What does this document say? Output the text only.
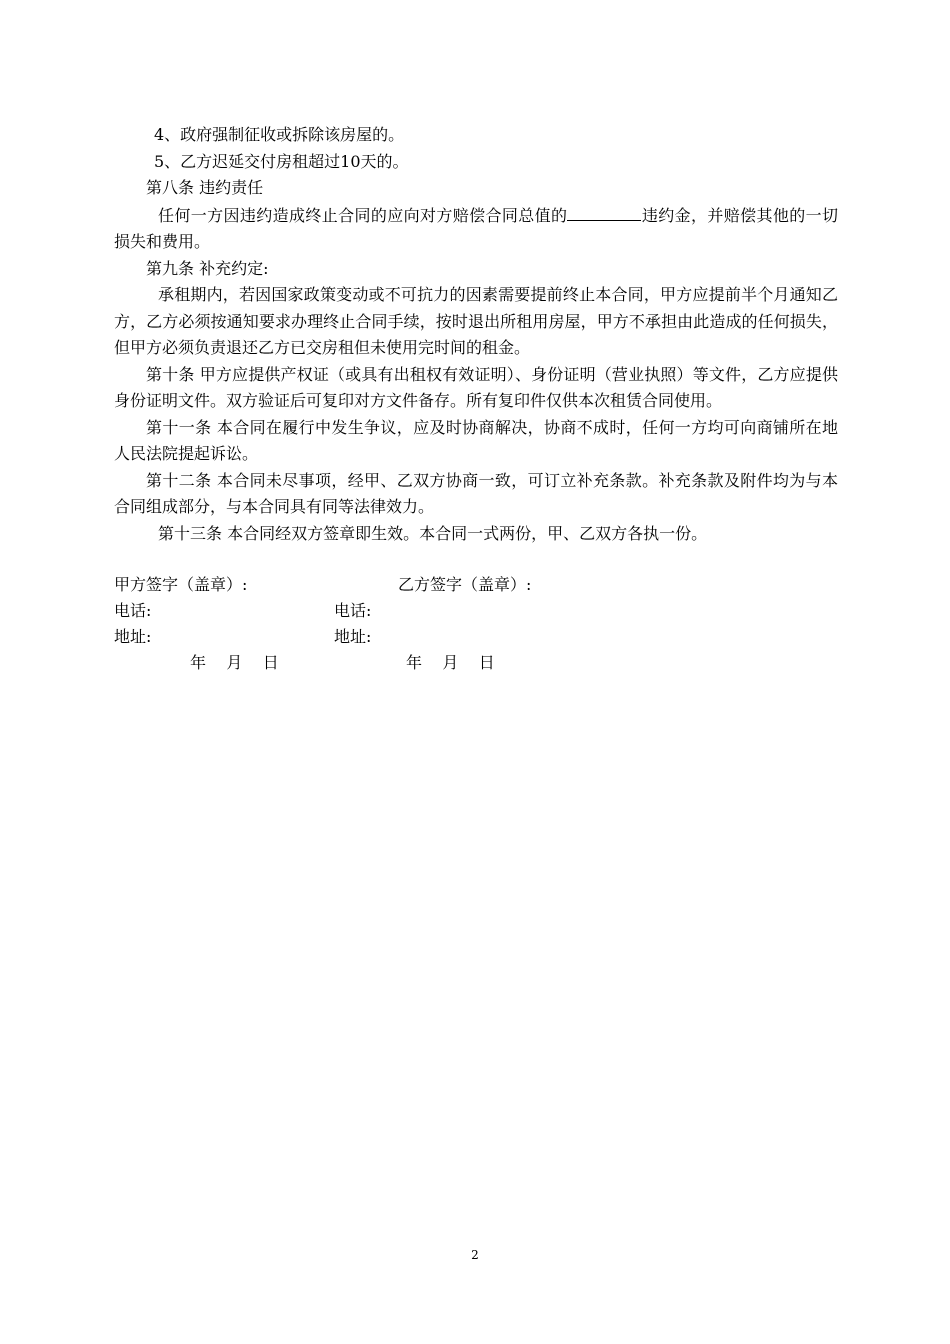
4、政府强制征收或拆除该房屋的。

5、乙方迟延交付房租超过10天的。

第八条 违约责任

任何一方因违约造成终止合同的应向对方赔偿合同总值的	违约金，并赔偿其他的一切损失和费用。

第九条 补充约定:

承租期内，若因国家政策变动或不可抗力的因素需要提前终止本合同，甲方应提前半个月通知乙方，乙方必须按通知要求办理终止合同手续，按时退出所租用房屋，甲方不承担由此造成的任何损失，但甲方必须负责退还乙方已交房租但未使用完时间的租金。

第十条 甲方应提供产权证（或具有出租权有效证明）、身份证明（营业执照）等文件，乙方应提供身份证明文件。双方验证后可复印对方文件备存。所有复印件仅供本次租赁合同使用。

第十一条 本合同在履行中发生争议，应及时协商解决，协商不成时，任何一方均可向商铺所在地人民法院提起诉讼。

第十二条 本合同未尽事项，经甲、乙双方协商一致，可订立补充条款。补充条款及附件均为与本合同组成部分，与本合同具有同等法律效力。

第十三条 本合同经双方签章即生效。本合同一式两份，甲、乙双方各执一份。

甲方签字（盖章）:	乙方签字（盖章）:
电话:	电话:
地址:	地址:
年    月    日	年    月    日
2
